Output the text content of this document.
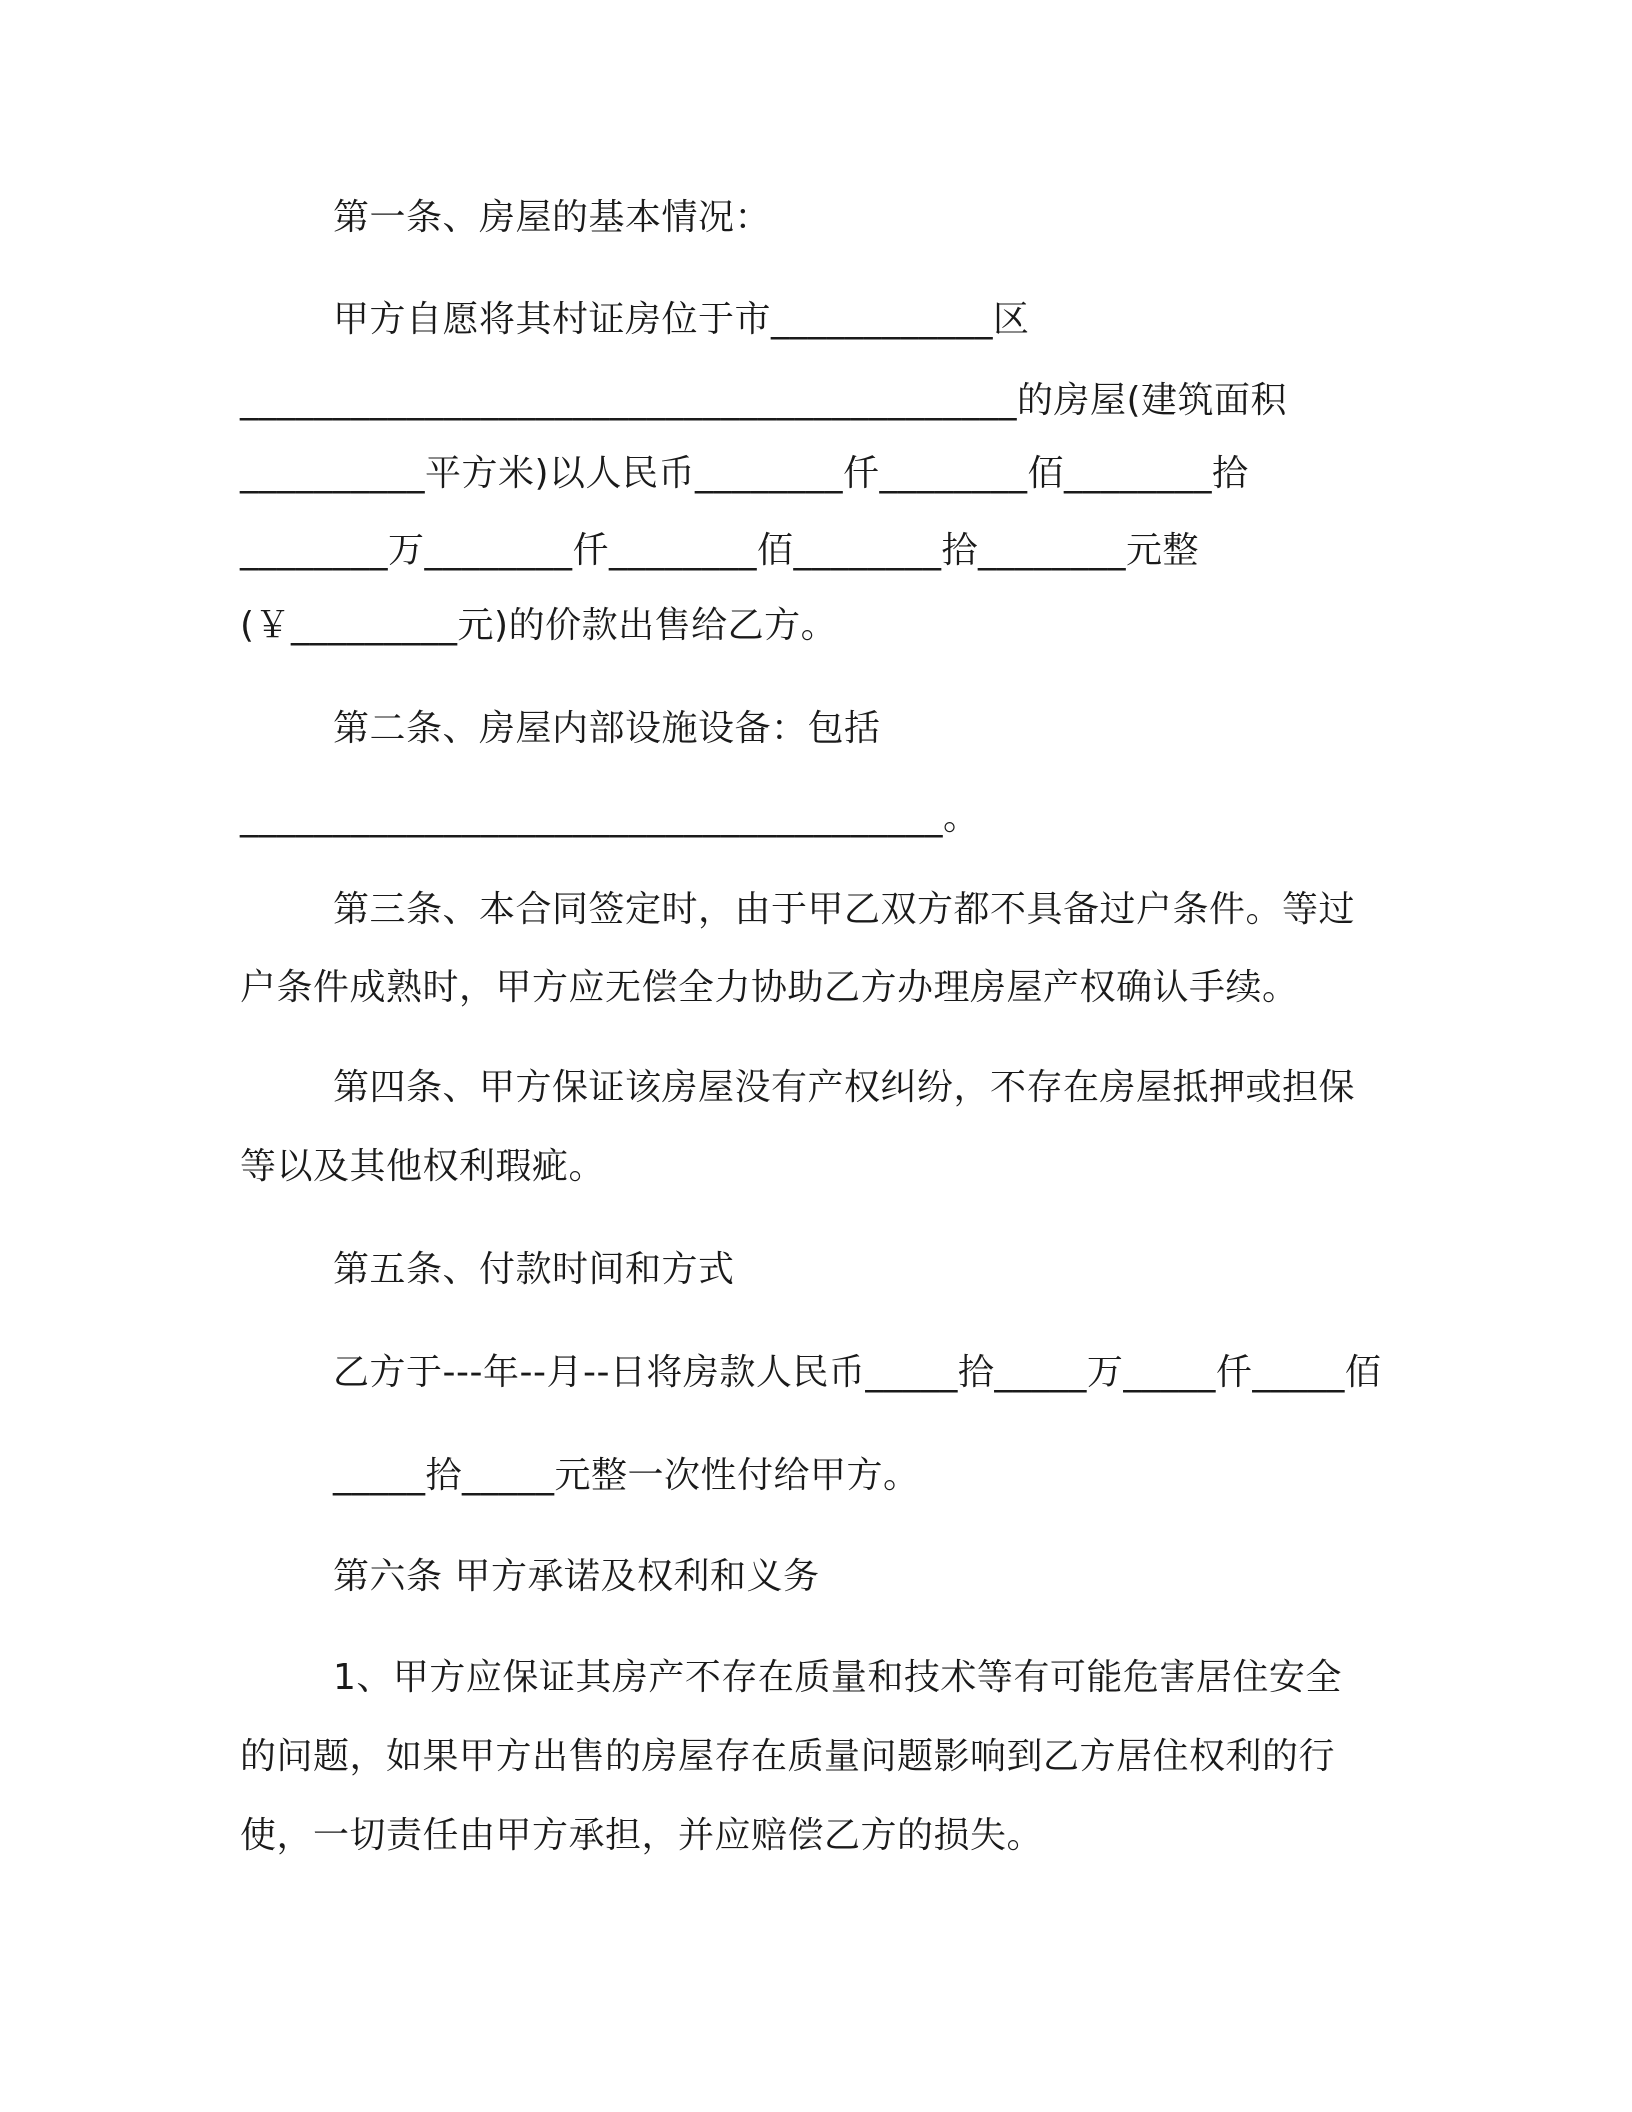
第一条、房屋的基本情况：
甲方自愿将其村证房位于市____________区
__________________________________________的房屋(建筑面积
__________平方米)以人民币________仟________佰________拾
________万________仟________佰________拾________元整
(￥_________元)的价款出售给乙方。
第二条、房屋内部设施设备：包括
______________________________________。
第三条、本合同签定时，由于甲乙双方都不具备过户条件。等过
户条件成熟时，甲方应无偿全力协助乙方办理房屋产权确认手续。
第四条、甲方保证该房屋没有产权纠纷，不存在房屋抵押或担保
等以及其他权利瑕疵。
第五条、付款时间和方式
乙方于---年--月--日将房款人民币_____拾_____万_____仟_____佰
_____拾_____元整一次性付给甲方。
第六条 甲方承诺及权利和义务
1、甲方应保证其房产不存在质量和技术等有可能危害居住安全
的问题，如果甲方出售的房屋存在质量问题影响到乙方居住权利的行
使，一切责任由甲方承担，并应赔偿乙方的损失。
